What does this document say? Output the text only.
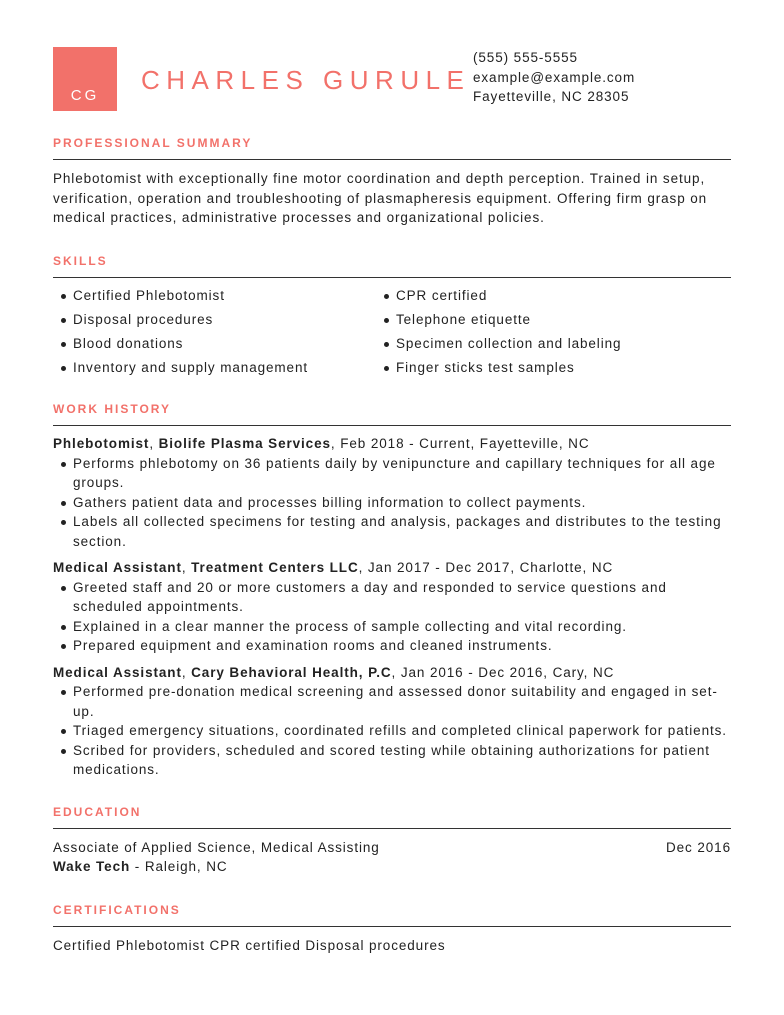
CG
CHARLES GURULE
(555) 555-5555
example@example.com
Fayetteville, NC 28305
PROFESSIONAL SUMMARY
Phlebotomist with exceptionally fine motor coordination and depth perception. Trained in setup, verification, operation and troubleshooting of plasmapheresis equipment. Offering firm grasp on medical practices, administrative processes and organizational policies.
SKILLS
Certified Phlebotomist	CPR certified
Disposal procedures	Telephone etiquette
Blood donations	Specimen collection and labeling
Inventory and supply management	Finger sticks test samples
WORK HISTORY
Phlebotomist, Biolife Plasma Services, Feb 2018 - Current, Fayetteville, NC
Performs phlebotomy on 36 patients daily by venipuncture and capillary techniques for all age groups.
Gathers patient data and processes billing information to collect payments.
Labels all collected specimens for testing and analysis, packages and distributes to the testing section.
Medical Assistant, Treatment Centers LLC, Jan 2017 - Dec 2017, Charlotte, NC
Greeted staff and 20 or more customers a day and responded to service questions and scheduled appointments.
Explained in a clear manner the process of sample collecting and vital recording.
Prepared equipment and examination rooms and cleaned instruments.
Medical Assistant, Cary Behavioral Health, P.C, Jan 2016 - Dec 2016, Cary, NC
Performed pre-donation medical screening and assessed donor suitability and engaged in set-up.
Triaged emergency situations, coordinated refills and completed clinical paperwork for patients.
Scribed for providers, scheduled and scored testing while obtaining authorizations for patient medications.
EDUCATION
Associate of Applied Science, Medical Assisting	Dec 2016
Wake Tech - Raleigh, NC
CERTIFICATIONS
Certified Phlebotomist CPR certified Disposal procedures
